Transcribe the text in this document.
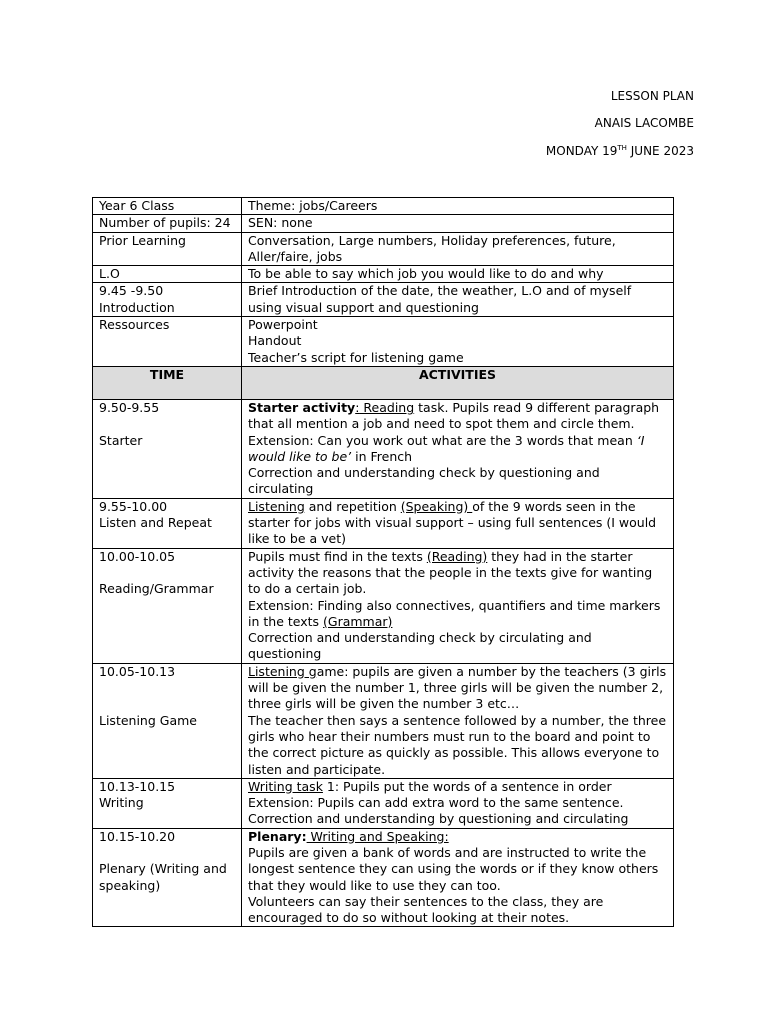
LESSON PLAN
ANAIS LACOMBE
MONDAY 19TH JUNE 2023
Year 6 Class	Theme: jobs/Careers
Number of pupils: 24	SEN: none
Prior Learning	Conversation, Large numbers, Holiday preferences, future, Aller/faire, jobs
L.O	To be able to say which job you would like to do and why

9.45 -9.50
Introduction	Brief Introduction of the date, the weather, L.O and of myself using visual support and questioning
Ressources	Powerpoint
Handout
Teacher’s script for listening game

TIME	ACTIVITIES

9.50-9.55
Starter	Starter activity: Reading task. Pupils read 9 different paragraph that all mention a job and need to spot them and circle them.
Extension: Can you work out what are the 3 words that mean ‘I would like to be’ in French
Correction and understanding check by questioning and circulating

9.55-10.00
Listen and Repeat	Listening and repetition (Speaking) of the 9 words seen in the starter for jobs with visual support – using full sentences (I would like to be a vet)

10.00-10.05
Reading/Grammar	Pupils must find in the texts (Reading) they had in the starter activity the reasons that the people in the texts give for wanting to do a certain job.
Extension: Finding also connectives, quantifiers and time markers in the texts (Grammar)
Correction and understanding check by circulating and questioning

10.05-10.13
Listening Game	Listening game: pupils are given a number by the teachers (3 girls will be given the number 1, three girls will be given the number 2, three girls will be given the number 3 etc…
The teacher then says a sentence followed by a number, the three girls who hear their numbers must run to the board and point to the correct picture as quickly as possible. This allows everyone to listen and participate.

10.13-10.15
Writing	Writing task 1: Pupils put the words of a sentence in order
Extension: Pupils can add extra word to the same sentence.
Correction and understanding by questioning and circulating

10.15-10.20
Plenary (Writing and speaking)	Plenary: Writing and Speaking:
Pupils are given a bank of words and are instructed to write the longest sentence they can using the words or if they know others that they would like to use they can too.
Volunteers can say their sentences to the class, they are encouraged to do so without looking at their notes.
